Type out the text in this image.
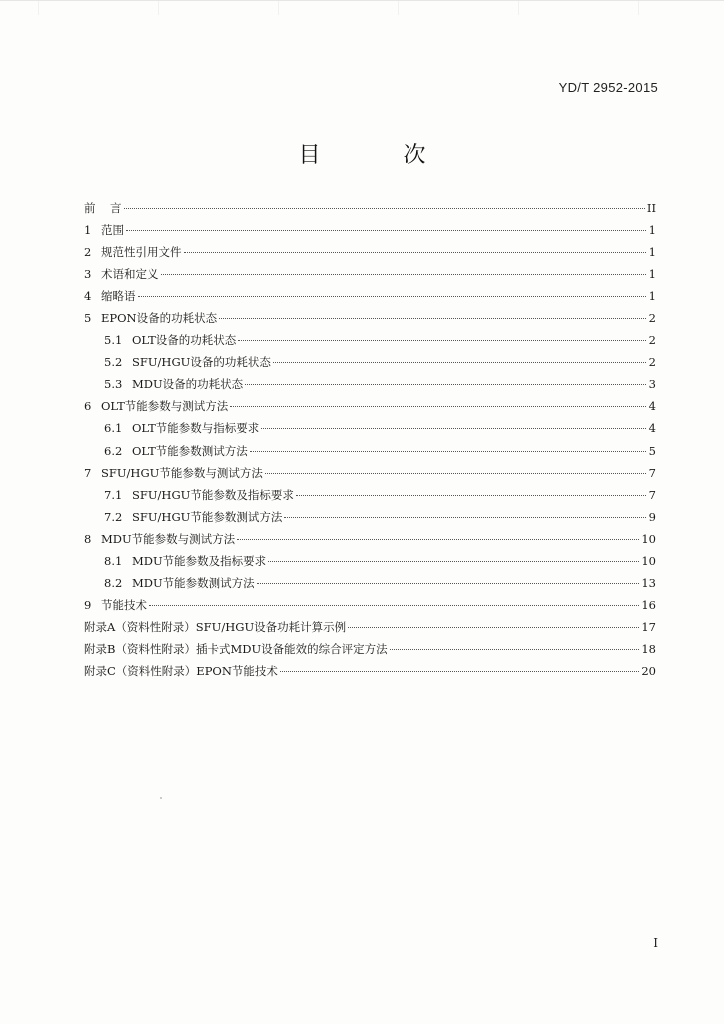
YD/T 2952-2015
目 次
前	言	II
1 范围	1
2 规范性引用文件	1
3 术语和定义	1
4 缩略语	1
5 EPON设备的功耗状态	2
5.1 OLT设备的功耗状态	2
5.2 SFU/HGU设备的功耗状态	2
5.3 MDU设备的功耗状态	3
6 OLT节能参数与测试方法	4
6.1 OLT节能参数与指标要求	4
6.2 OLT节能参数测试方法	5
7 SFU/HGU节能参数与测试方法	7
7.1 SFU/HGU节能参数及指标要求	7
7.2 SFU/HGU节能参数测试方法	9
8 MDU节能参数与测试方法	10
8.1 MDU节能参数及指标要求	10
8.2 MDU节能参数测试方法	13
9 节能技术	16
附录A（资料性附录）SFU/HGU设备功耗计算示例	17
附录B（资料性附录）插卡式MDU设备能效的综合评定方法	18
附录C（资料性附录）EPON节能技术	20
I
